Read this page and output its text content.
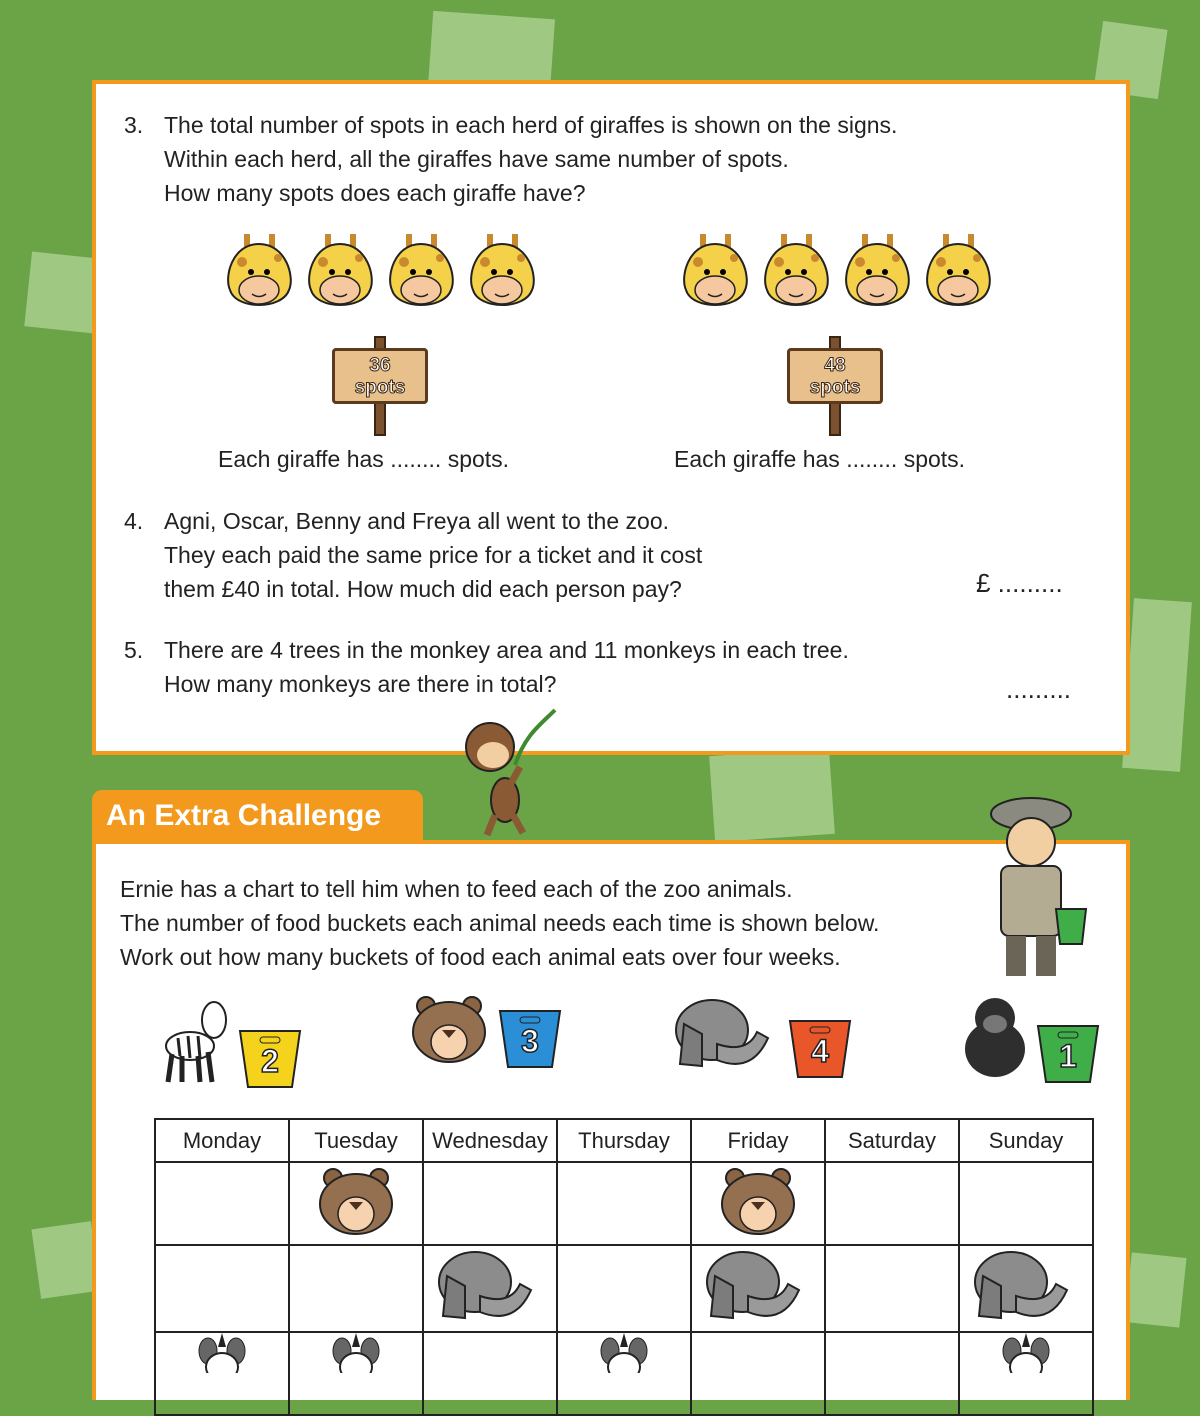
3. The total number of spots in each herd of giraffes is shown on the signs.
Within each herd, all the giraffes have same number of spots.
How many spots does each giraffe have?
36
spots
48
spots
Each giraffe has ........ spots.	Each giraffe has ........ spots.
4. Agni, Oscar, Benny and Freya all went to the zoo.
They each paid the same price for a ticket and it cost
them £40 in total. How much did each person pay?	£ .........
5. There are 4 trees in the monkey area and 11 monkeys in each tree.
How many monkeys are there in total?	.........
An Extra Challenge
Ernie has a chart to tell him when to feed each of the zoo animals.
The number of food buckets each animal needs each time is shown below.
Work out how many buckets of food each animal eats over four weeks.
2
3	4	1
Monday	Tuesday	Wednesday	Thursday	Friday	Saturday	Sunday
